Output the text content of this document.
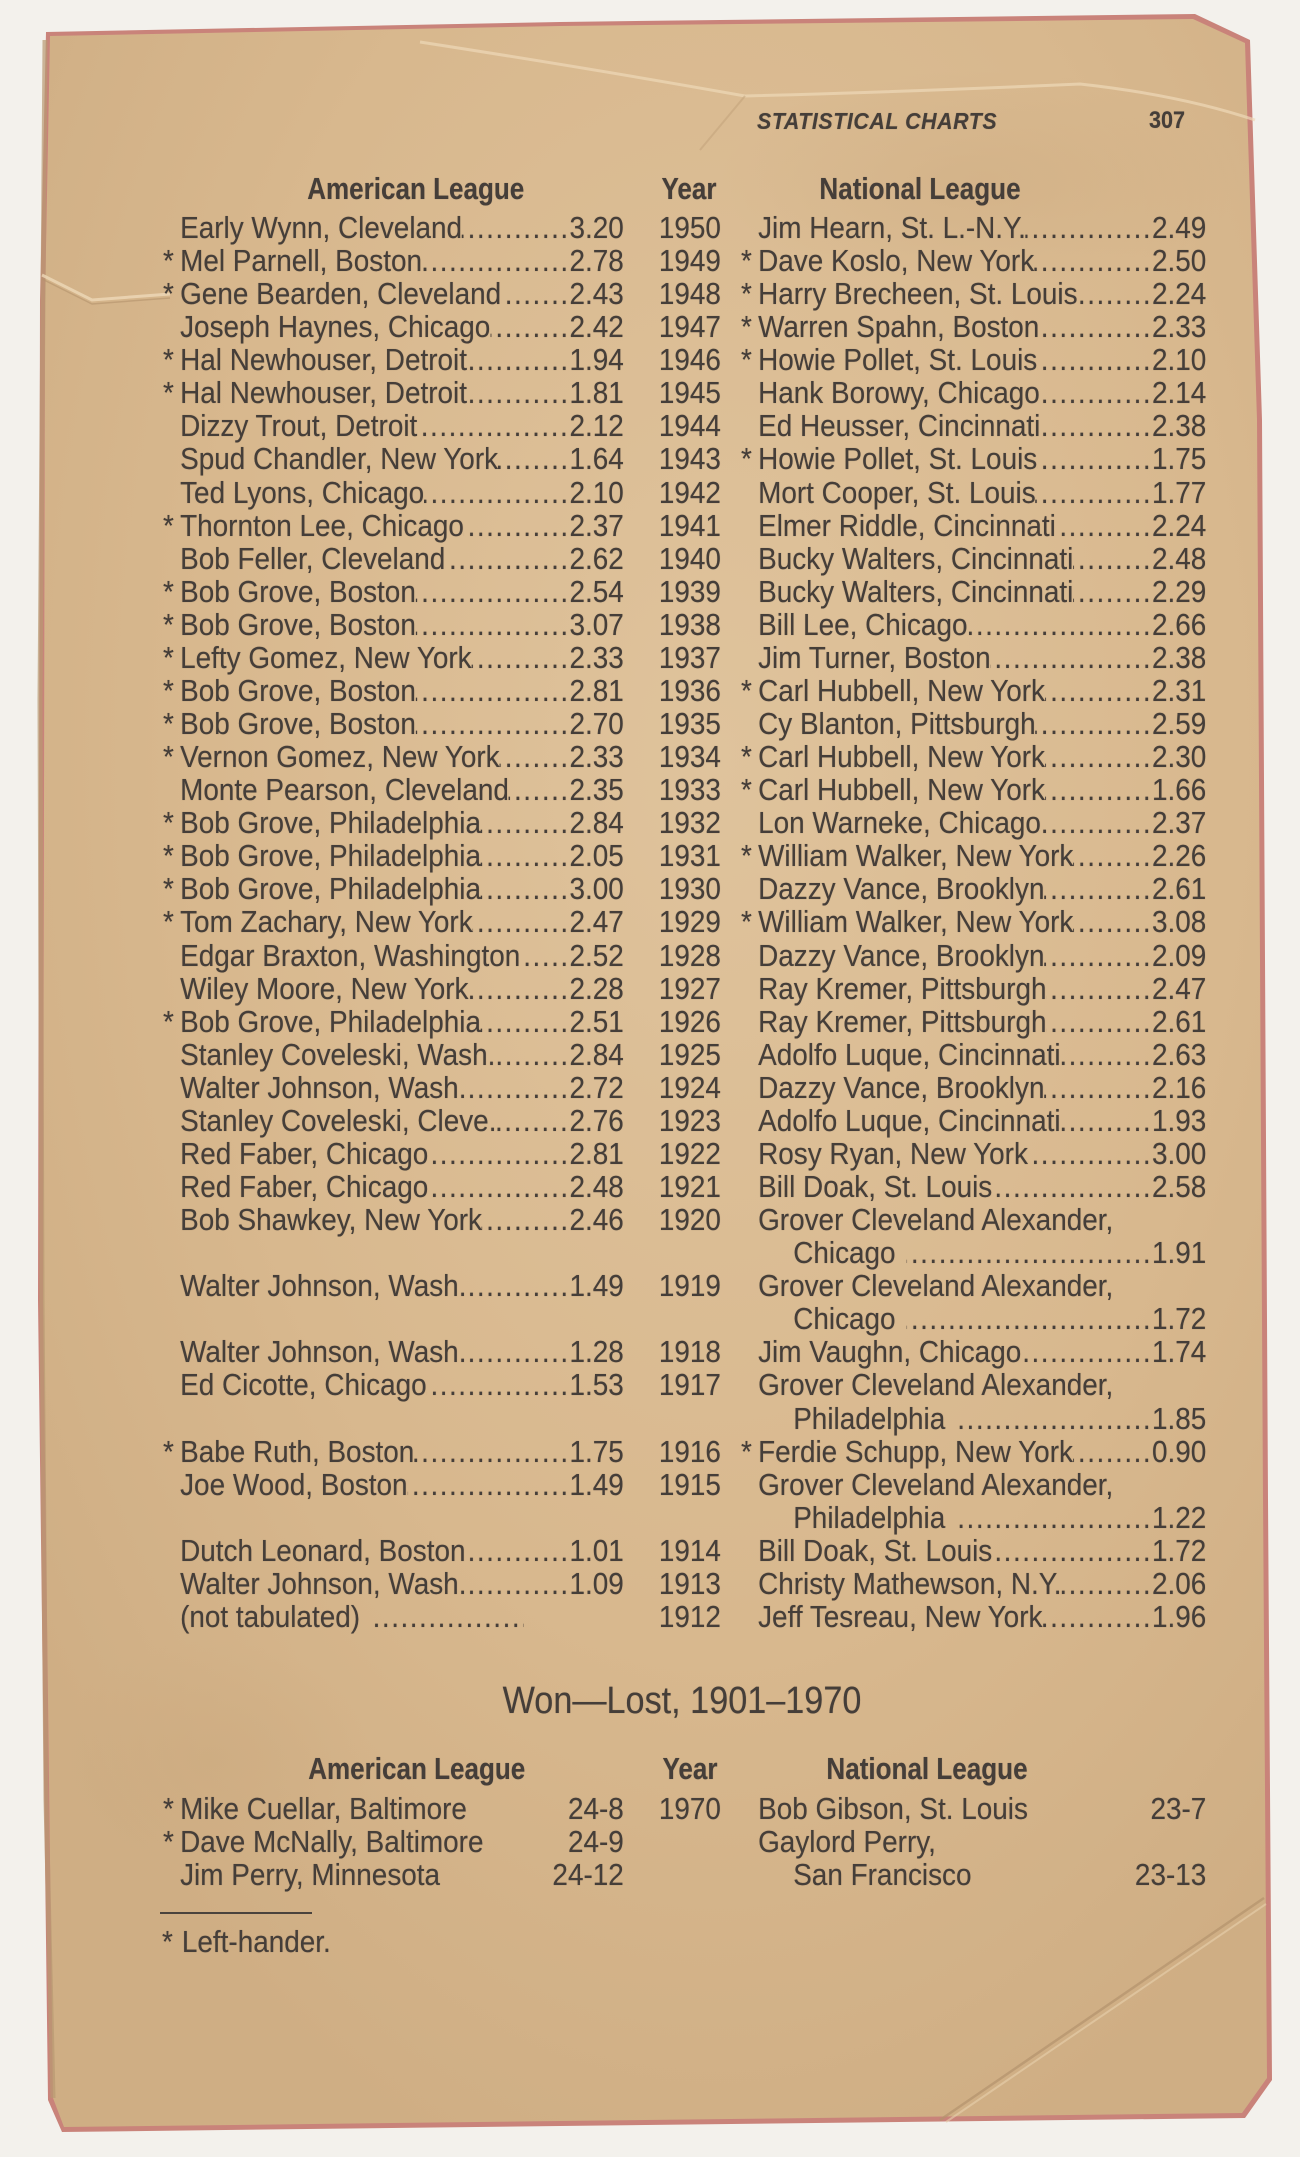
STATISTICAL CHARTS	307
American League	Year	National League
Early Wynn, Cleveland .....	3.20 1950 Jim Hearn, St. L.-N.Y. .....	2.49
* Mel Parnell, Boston .....	2.78 1949 * Dave Koslo, New York .....	2.50
* Gene Bearden, Cleveland ..... 2.43 1948 * Harry Brecheen, St. Louis ..... 2.24
Joseph Haynes, Chicago .....	2.42 1947 * Warren Spahn, Boston .....	2.33
* Hal Newhouser, Detroit .....	1.94 1946 * Howie Pollet, St. Louis .....	2.10
* Hal Newhouser, Detroit .....	1.81 1945 Hank Borowy, Chicago .....	2.14
Dizzy Trout, Detroit .....	2.12 1944 Ed Heusser, Cincinnati .....	2.38
Spud Chandler, New York ..... 1.64 1943 * Howie Pollet, St. Louis .....	1.75
Ted Lyons, Chicago .....	2.10 1942 Mort Cooper, St. Louis .....	1.77
* Thornton Lee, Chicago .....	2.37 1941 Elmer Riddle, Cincinnati .....	2.24
Bob Feller, Cleveland .....	2.62 1940 Bucky Walters, Cincinnati .....	2.48
* Bob Grove, Boston .....	2.54 1939 Bucky Walters, Cincinnati .....	2.29
* Bob Grove, Boston .....	3.07 1938 Bill Lee, Chicago .....	2.66
* Lefty Gomez, New York .....	2.33 1937 Jim Turner, Boston .....	2.38
* Bob Grove, Boston .....	2.81 1936 * Carl Hubbell, New York .....	2.31
* Bob Grove, Boston .....	2.70 1935 Cy Blanton, Pittsburgh .....	2.59
* Vernon Gomez, New York ..... 2.33 1934 * Carl Hubbell, New York .....	2.30
Monte Pearson, Cleveland ..... 2.35 1933 * Carl Hubbell, New York .....	1.66
* Bob Grove, Philadelphia .....	2.84 1932 Lon Warneke, Chicago .....	2.37
* Bob Grove, Philadelphia .....	2.05 1931 * William Walker, New York .....	2.26
* Bob Grove, Philadelphia .....	3.00 1930 Dazzy Vance, Brooklyn .....	2.61
* Tom Zachary, New York .....	2.47 1929 * William Walker, New York .....	3.08
Edgar Braxton, Washington ..... 2.52 1928 Dazzy Vance, Brooklyn .....	2.09
Wiley Moore, New York .....	2.28 1927 Ray Kremer, Pittsburgh .....	2.47
* Bob Grove, Philadelphia .....	2.51 1926 Ray Kremer, Pittsburgh .....	2.61
Stanley Coveleski, Wash. ..... 2.84 1925 Adolfo Luque, Cincinnati .....	2.63
Walter Johnson, Wash. .....	2.72 1924 Dazzy Vance, Brooklyn .....	2.16
Stanley Coveleski, Cleve. ..... 2.76 1923 Adolfo Luque, Cincinnati .....	1.93
Red Faber, Chicago .....	2.81 1922 Rosy Ryan, New York .....	3.00
Red Faber, Chicago .....	2.48 1921 Bill Doak, St. Louis .....	2.58
Bob Shawkey, New York .....	2.46 1920 Grover Cleveland Alexander,
Chicago .....	1.91
Walter Johnson, Wash. .....	1.49 1919 Grover Cleveland Alexander,
Chicago .....	1.72
Walter Johnson, Wash. .....	1.28 1918 Jim Vaughn, Chicago .....	1.74
Ed Cicotte, Chicago .....	1.53 1917 Grover Cleveland Alexander,
Philadelphia .....	1.85
* Babe Ruth, Boston .....	1.75 1916 * Ferdie Schupp, New York .....	0.90
Joe Wood, Boston .....	1.49 1915 Grover Cleveland Alexander,
Philadelphia .....	1.22
Dutch Leonard, Boston .....	1.01 1914 Bill Doak, St. Louis .....	1.72
Walter Johnson, Wash. .....	1.09 1913 Christy Mathewson, N.Y. .....	2.06
(not tabulated) .....	1912 Jeff Tesreau, New York .....	1.96
Won—Lost, 1901–1970
American League	Year	National League
* Mike Cuellar, Baltimore	24-8 1970 Bob Gibson, St. Louis	23-7
* Dave McNally, Baltimore	24-9	Gaylord Perry,
Jim Perry, Minnesota	24-12	San Francisco	23-13
* Left-hander.
